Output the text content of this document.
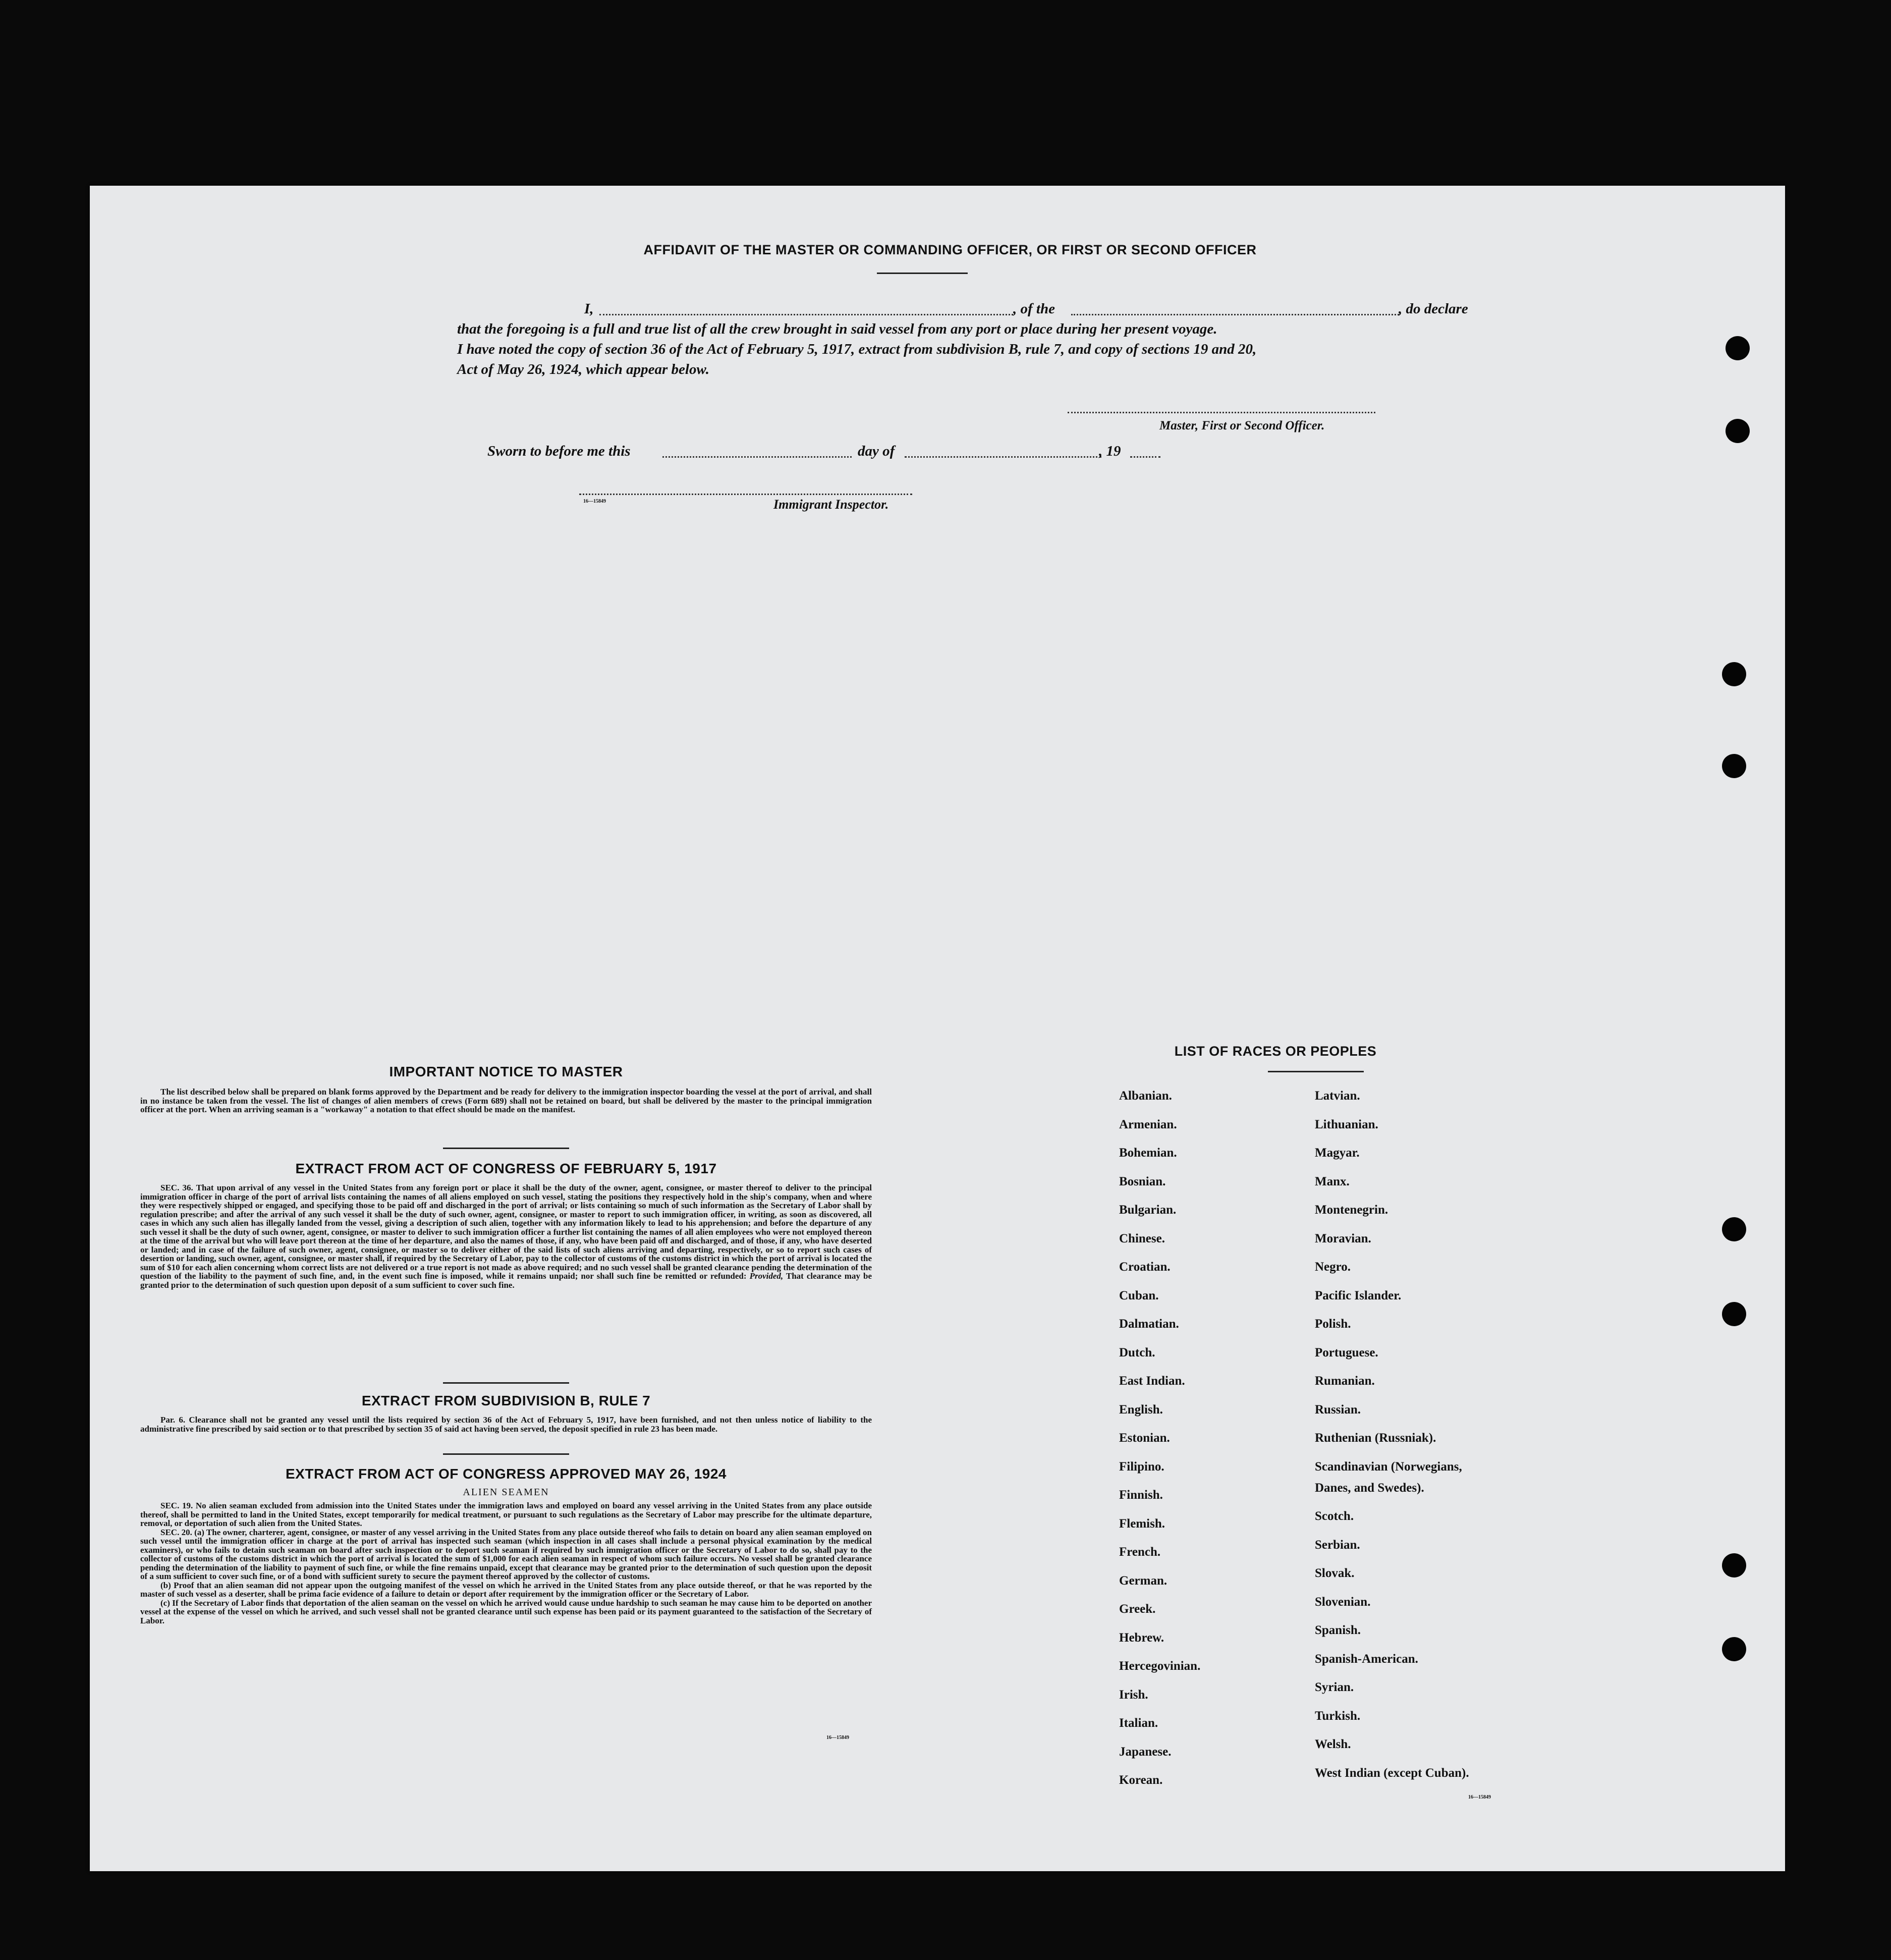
AFFIDAVIT OF THE MASTER OR COMMANDING OFFICER, OR FIRST OR SECOND OFFICER
I,	, of the	, do declare
that the foregoing is a full and true list of all the crew brought in said vessel from any port or place during her present voyage.
I have noted the copy of section 36 of the Act of February 5, 1917, extract from subdivision B, rule 7, and copy of sections 19 and 20,
Act of May 26, 1924, which appear below.
Master, First or Second Officer.
Sworn to before me this	day of	, 19
16—15849	Immigrant Inspector.
IMPORTANT NOTICE TO MASTER

The list described below shall be prepared on blank forms approved by the Department and be ready for delivery to the immigration inspector boarding the vessel at the port of arrival, and shall in no instance be taken from the vessel. The list of changes of alien members of crews (Form 689) shall not be retained on board, but shall be delivered by the master to the principal immigration officer at the port. When an arriving seaman is a "workaway" a notation to that effect should be made on the manifest.

EXTRACT FROM ACT OF CONGRESS OF FEBRUARY 5, 1917

SEC. 36. That upon arrival of any vessel in the United States from any foreign port or place it shall be the duty of the owner, agent, consignee, or master thereof to deliver to the principal immigration officer in charge of the port of arrival lists containing the names of all aliens employed on such vessel, stating the positions they respectively hold in the ship's company, when and where they were respectively shipped or engaged, and specifying those to be paid off and discharged in the port of arrival; or lists containing so much of such information as the Secretary of Labor shall by regulation prescribe; and after the arrival of any such vessel it shall be the duty of such owner, agent, consignee, or master to report to such immigration officer, in writing, as soon as discovered, all cases in which any such alien has illegally landed from the vessel, giving a description of such alien, together with any information likely to lead to his apprehension; and before the departure of any such vessel it shall be the duty of such owner, agent, consignee, or master to deliver to such immigration officer a further list containing the names of all alien employees who were not employed thereon at the time of the arrival but who will leave port thereon at the time of her departure, and also the names of those, if any, who have been paid off and discharged, and of those, if any, who have deserted or landed; and in case of the failure of such owner, agent, consignee, or master so to deliver either of the said lists of such aliens arriving and departing, respectively, or so to report such cases of desertion or landing, such owner, agent, consignee, or master shall, if required by the Secretary of Labor, pay to the collector of customs of the customs district in which the port of arrival is located the sum of $10 for each alien concerning whom correct lists are not delivered or a true report is not made as above required; and no such vessel shall be granted clearance pending the determination of the question of the liability to the payment of such fine, and, in the event such fine is imposed, while it remains unpaid; nor shall such fine be remitted or refunded: Provided, That clearance may be granted prior to the determination of such question upon deposit of a sum sufficient to cover such fine.

EXTRACT FROM SUBDIVISION B, RULE 7

Par. 6. Clearance shall not be granted any vessel until the lists required by section 36 of the Act of February 5, 1917, have been furnished, and not then unless notice of liability to the administrative fine prescribed by said section or to that prescribed by section 35 of said act having been served, the deposit specified in rule 23 has been made.

EXTRACT FROM ACT OF CONGRESS APPROVED MAY 26, 1924
ALIEN SEAMEN

SEC. 19. No alien seaman excluded from admission into the United States under the immigration laws and employed on board any vessel arriving in the United States from any place outside thereof, shall be permitted to land in the United States, except temporarily for medical treatment, or pursuant to such regulations as the Secretary of Labor may prescribe for the ultimate departure, removal, or deportation of such alien from the United States.

SEC. 20. (a) The owner, charterer, agent, consignee, or master of any vessel arriving in the United States from any place outside thereof who fails to detain on board any alien seaman employed on such vessel until the immigration officer in charge at the port of arrival has inspected such seaman (which inspection in all cases shall include a personal physical examination by the medical examiners), or who fails to detain such seaman on board after such inspection or to deport such seaman if required by such immigration officer or the Secretary of Labor to do so, shall pay to the collector of customs of the customs district in which the port of arrival is located the sum of $1,000 for each alien seaman in respect of whom such failure occurs. No vessel shall be granted clearance pending the determination of the liability to payment of such fine, or while the fine remains unpaid, except that clearance may be granted prior to the determination of such question upon the deposit of a sum sufficient to cover such fine, or of a bond with sufficient surety to secure the payment thereof approved by the collector of customs.

(b) Proof that an alien seaman did not appear upon the outgoing manifest of the vessel on which he arrived in the United States from any place outside thereof, or that he was reported by the master of such vessel as a deserter, shall be prima facie evidence of a failure to detain or deport after requirement by the immigration officer or the Secretary of Labor.

(c) If the Secretary of Labor finds that deportation of the alien seaman on the vessel on which he arrived would cause undue hardship to such seaman he may cause him to be deported on another vessel at the expense of the vessel on which he arrived, and such vessel shall not be granted clearance until such expense has been paid or its payment guaranteed to the satisfaction of the Secretary of Labor.

16—15849
LIST OF RACES OR PEOPLES
Albanian.
Armenian.
Bohemian.
Bosnian.
Bulgarian.
Chinese.
Croatian.
Cuban.
Dalmatian.
Dutch.
East Indian.
English.
Estonian.
Filipino.
Finnish.
Flemish.
French.
German.
Greek.
Hebrew.
Hercegovinian.
Irish.
Italian.
Japanese.
Korean.
Latvian.
Lithuanian.
Magyar.
Manx.
Montenegrin.
Moravian.
Negro.
Pacific Islander.
Polish.
Portuguese.
Rumanian.
Russian.
Ruthenian (Russniak).
Scandinavian (Norwegians,
Danes, and Swedes).
Scotch.
Serbian.
Slovak.
Slovenian.
Spanish.
Spanish-American.
Syrian.
Turkish.
Welsh.
West Indian (except Cuban).
16—15849
